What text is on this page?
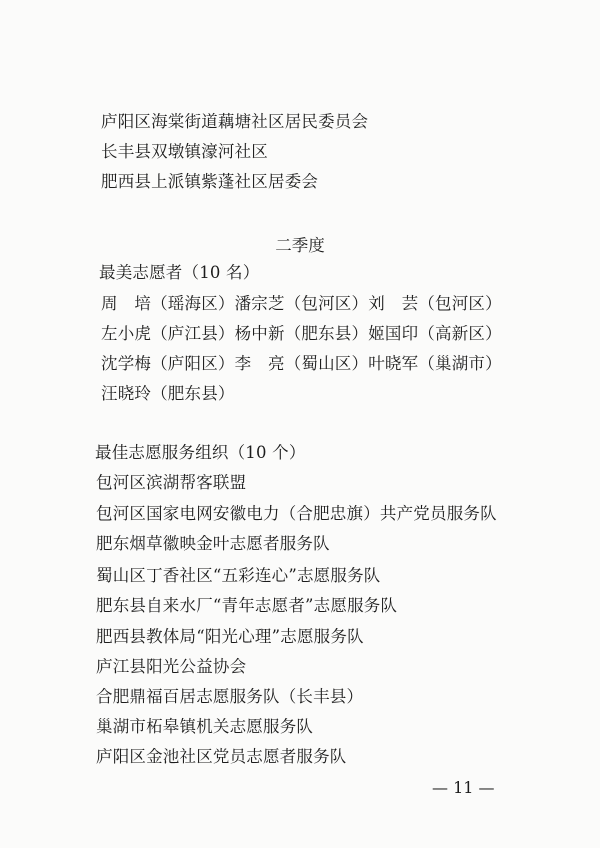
庐阳区海棠街道藕塘社区居民委员会
长丰县双墩镇濠河社区
肥西县上派镇紫蓬社区居委会
二季度
最美志愿者（10 名）
周　培（瑶海区）潘宗芝（包河区）刘　芸（包河区）
左小虎（庐江县）杨中新（肥东县）姬国印（高新区）
沈学梅（庐阳区）李　亮（蜀山区）叶晓军（巢湖市）
汪晓玲（肥东县）
最佳志愿服务组织（10 个）
包河区滨湖帮客联盟
包河区国家电网安徽电力（合肥忠旗）共产党员服务队
肥东烟草徽映金叶志愿者服务队
蜀山区丁香社区“五彩连心”志愿服务队
肥东县自来水厂“青年志愿者”志愿服务队
肥西县教体局“阳光心理”志愿服务队
庐江县阳光公益协会
合肥鼎福百居志愿服务队（长丰县）
巢湖市柘皋镇机关志愿服务队
庐阳区金池社区党员志愿者服务队
— 11 —
